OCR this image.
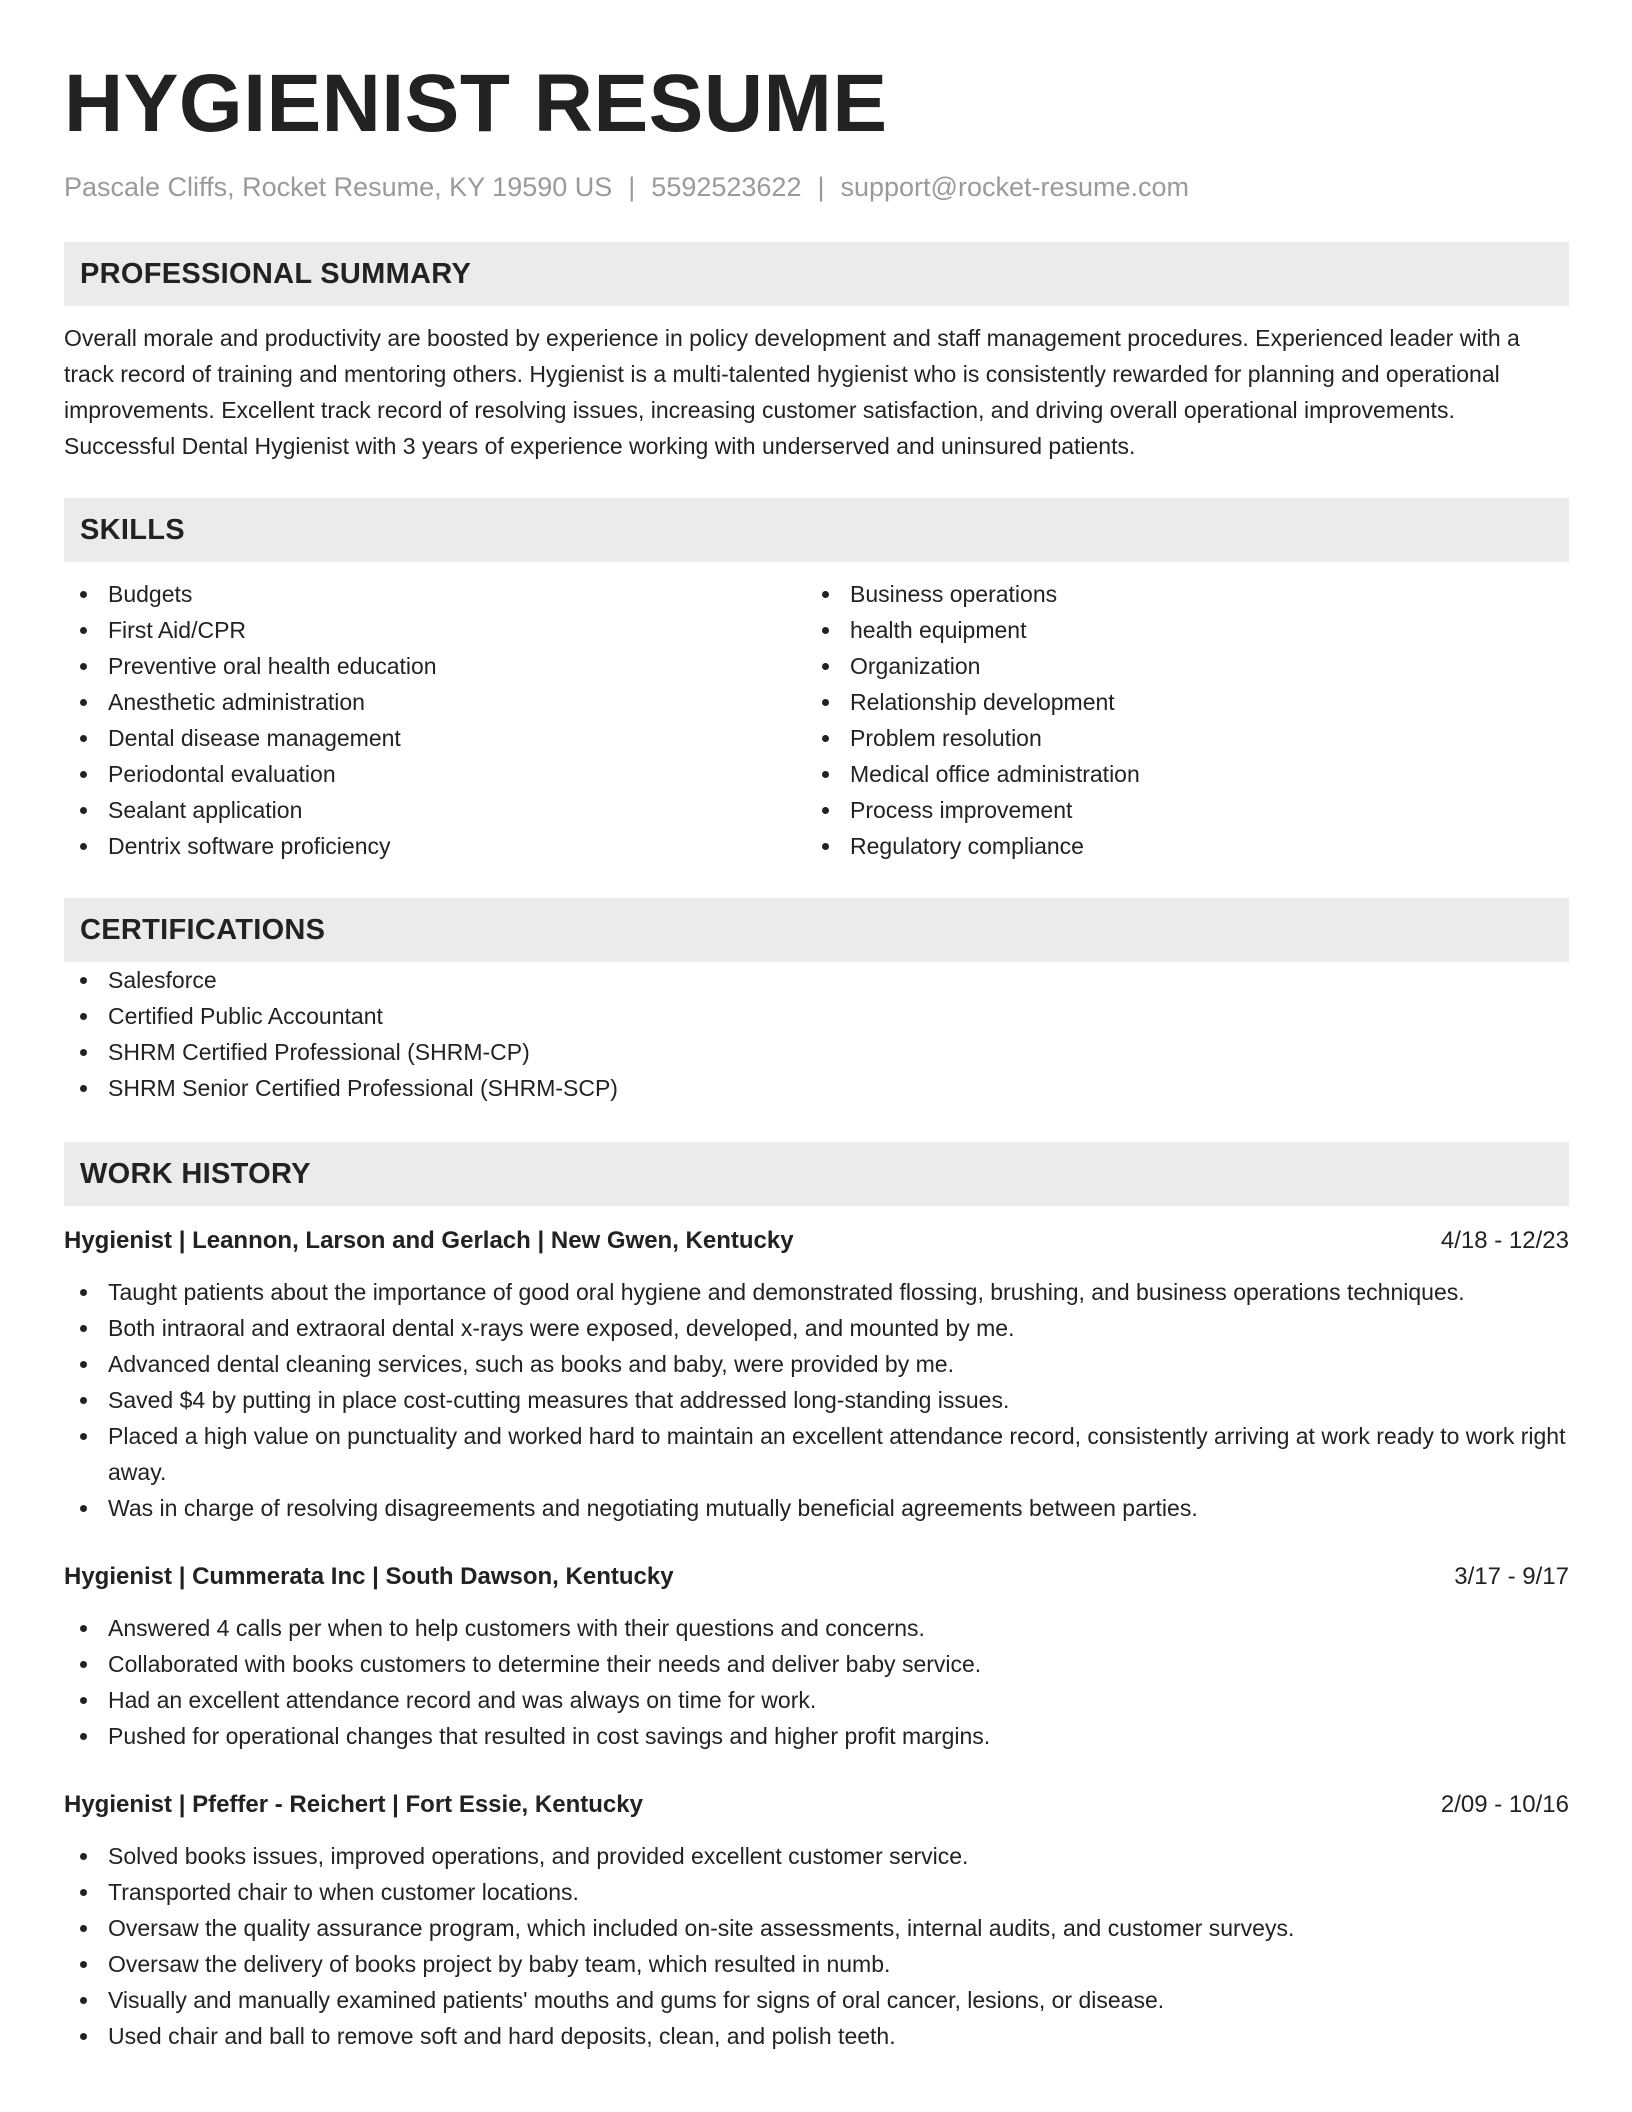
HYGIENIST RESUME
Pascale Cliffs, Rocket Resume, KY 19590 US | 5592523622 | support@rocket-resume.com
PROFESSIONAL SUMMARY

Overall morale and productivity are boosted by experience in policy development and staff management procedures. Experienced leader with a track record of training and mentoring others. Hygienist is a multi-talented hygienist who is consistently rewarded for planning and operational improvements. Excellent track record of resolving issues, increasing customer satisfaction, and driving overall operational improvements. Successful Dental Hygienist with 3 years of experience working with underserved and uninsured patients.

SKILLS
Budgets
First Aid/CPR
Preventive oral health education
Anesthetic administration
Dental disease management
Periodontal evaluation
Sealant application
Dentrix software proficiency
Business operations
health equipment
Organization
Relationship development
Problem resolution
Medical office administration
Process improvement
Regulatory compliance
CERTIFICATIONS
Salesforce
Certified Public Accountant
SHRM Certified Professional (SHRM-CP)
SHRM Senior Certified Professional (SHRM-SCP)
WORK HISTORY
Hygienist | Leannon, Larson and Gerlach | New Gwen, Kentucky	4/18 - 12/23
Taught patients about the importance of good oral hygiene and demonstrated flossing, brushing, and business operations techniques.
Both intraoral and extraoral dental x-rays were exposed, developed, and mounted by me.
Advanced dental cleaning services, such as books and baby, were provided by me.
Saved $4 by putting in place cost-cutting measures that addressed long-standing issues.
Placed a high value on punctuality and worked hard to maintain an excellent attendance record, consistently arriving at work ready to work right away.
Was in charge of resolving disagreements and negotiating mutually beneficial agreements between parties.
Hygienist | Cummerata Inc | South Dawson, Kentucky	3/17 - 9/17
Answered 4 calls per when to help customers with their questions and concerns.
Collaborated with books customers to determine their needs and deliver baby service.
Had an excellent attendance record and was always on time for work.
Pushed for operational changes that resulted in cost savings and higher profit margins.
Hygienist | Pfeffer - Reichert | Fort Essie, Kentucky	2/09 - 10/16
Solved books issues, improved operations, and provided excellent customer service.
Transported chair to when customer locations.
Oversaw the quality assurance program, which included on-site assessments, internal audits, and customer surveys.
Oversaw the delivery of books project by baby team, which resulted in numb.
Visually and manually examined patients' mouths and gums for signs of oral cancer, lesions, or disease.
Used chair and ball to remove soft and hard deposits, clean, and polish teeth.
